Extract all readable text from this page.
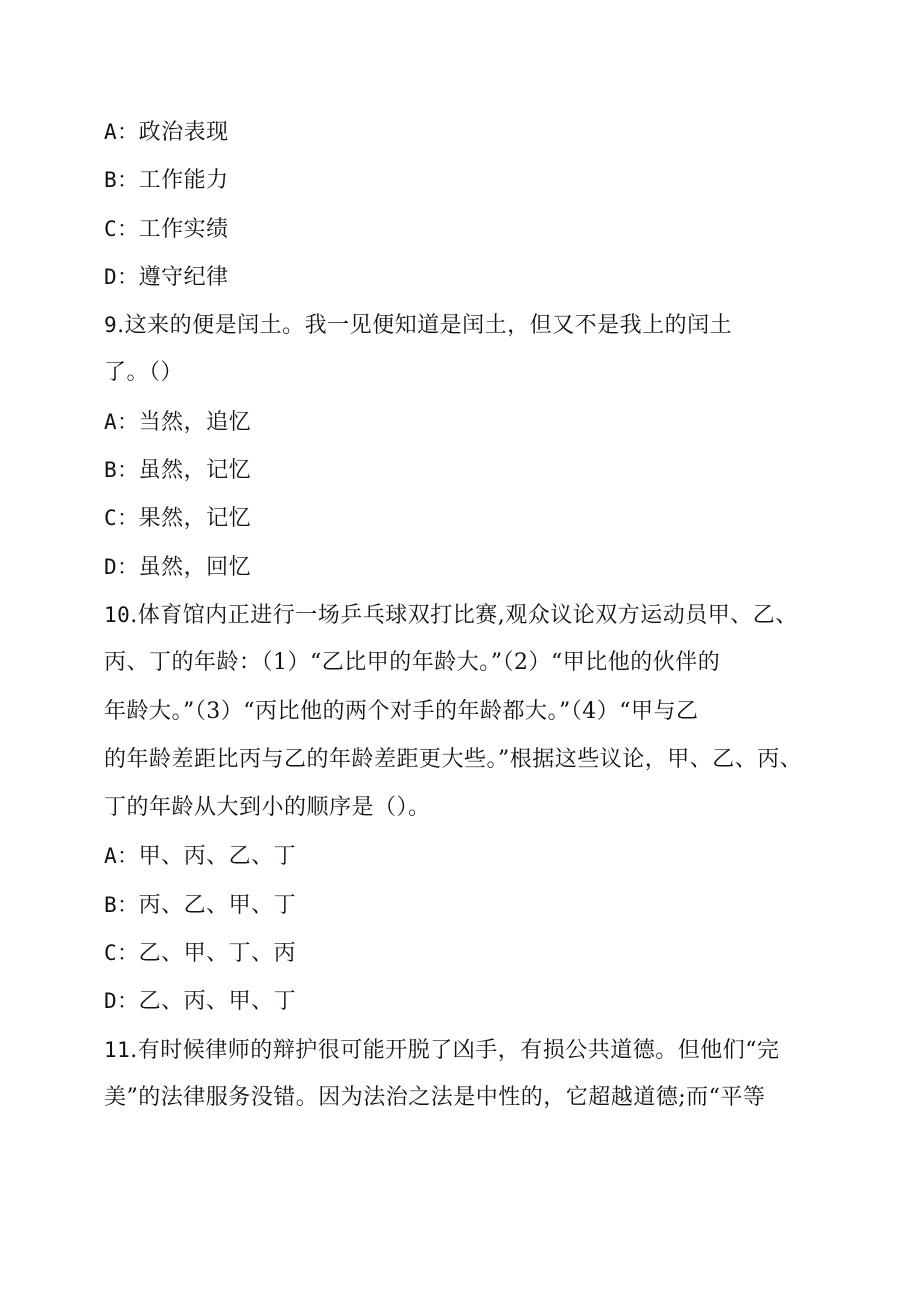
A：政治表现
B：工作能力
C：工作实绩
D：遵守纪律
9.这来的便是闰土。我一见便知道是闰土，但又不是我上的闰土
了。（）
A：当然，追忆
B：虽然，记忆
C：果然，记忆
D：虽然，回忆
10.体育馆内正进行一场乒乓球双打比赛,观众议论双方运动员甲、乙、
丙、丁的年龄：（1）“乙比甲的年龄大。”（2）“甲比他的伙伴的
年龄大。”（3）“丙比他的两个对手的年龄都大。”（4）“甲与乙
的年龄差距比丙与乙的年龄差距更大些。”根据这些议论，甲、乙、丙、
丁的年龄从大到小的顺序是（）。
A：甲、丙、乙、丁
B：丙、乙、甲、丁
C：乙、甲、丁、丙
D：乙、丙、甲、丁
11.有时候律师的辩护很可能开脱了凶手，有损公共道德。但他们“完
美”的法律服务没错。因为法治之法是中性的，它超越道德;而“平等
